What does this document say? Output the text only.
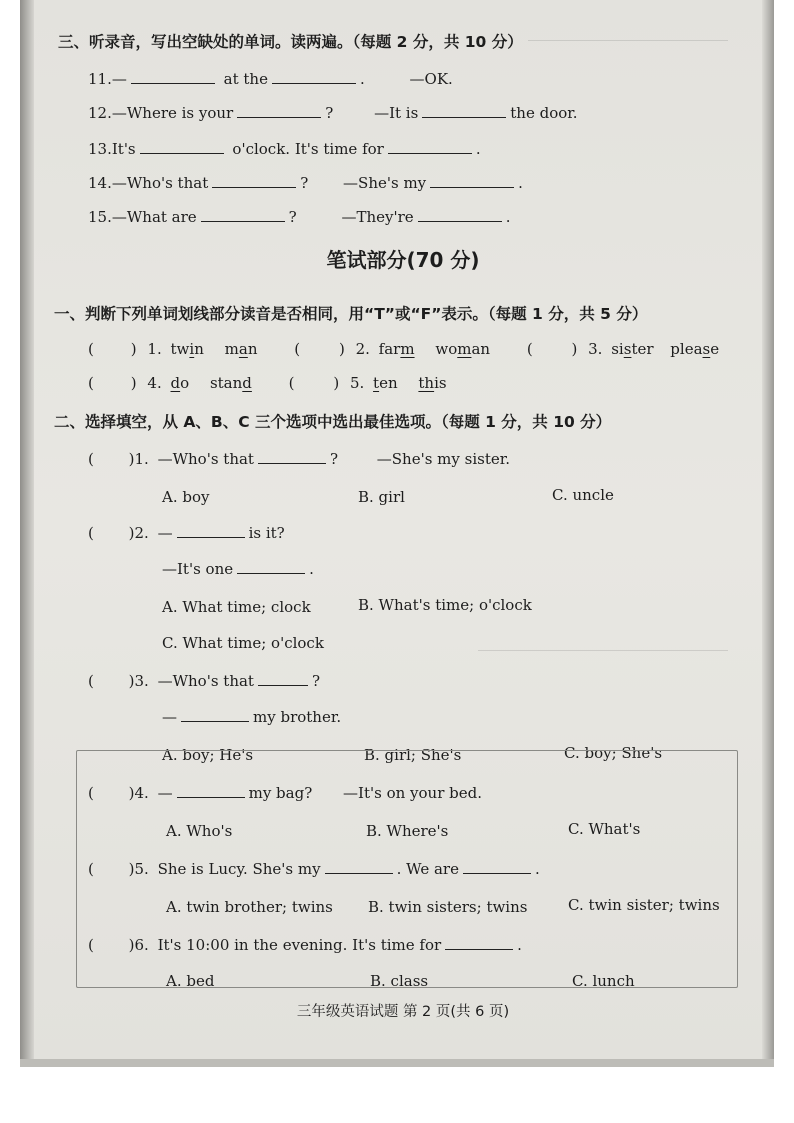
三、听录音，写出空缺处的单词。读两遍。（每题 2 分，共 10 分）
11.—	at the	.	—OK.
12.—Where is your	?	—It is	the door.
13.It's	o'clock. It's time for	.
14.—Who's that	? —She's my	.
15.—What are	?	—They're	.
笔试部分(70 分)
一、判断下列单词划线部分读音是否相同，用“T”或“F”表示。（每题 1 分，共 5 分）
( ) 1. twin man (	) 2. farm woman (	) 3. sister please
( ) 4. do stand (	) 5. ten this
二、选择填空，从 A、B、C 三个选项中选出最佳选项。（每题 1 分，共 10 分）
( )1. —Who's that	?	—She's my sister.
A. boy	B. girl	C. uncle
( )2. —	is it?
—It's one	.
A. What time; clock	B. What's time; o'clock
C. What time; o'clock
( )3. —Who's that	?
—	my brother.
A. boy; He's	B. girl; She's	C. boy; She's
( )4. —	my bag? —It's on your bed.
A. Who's	B. Where's	C. What's
( )5. She is Lucy. She's my	. We are	.
A. twin brother; twins B. twin sisters; twins	C. twin sister; twins
( )6. It's 10:00 in the evening. It's time for	.
A. bed	B. class	C. lunch
三年级英语试题 第 2 页(共 6 页)
